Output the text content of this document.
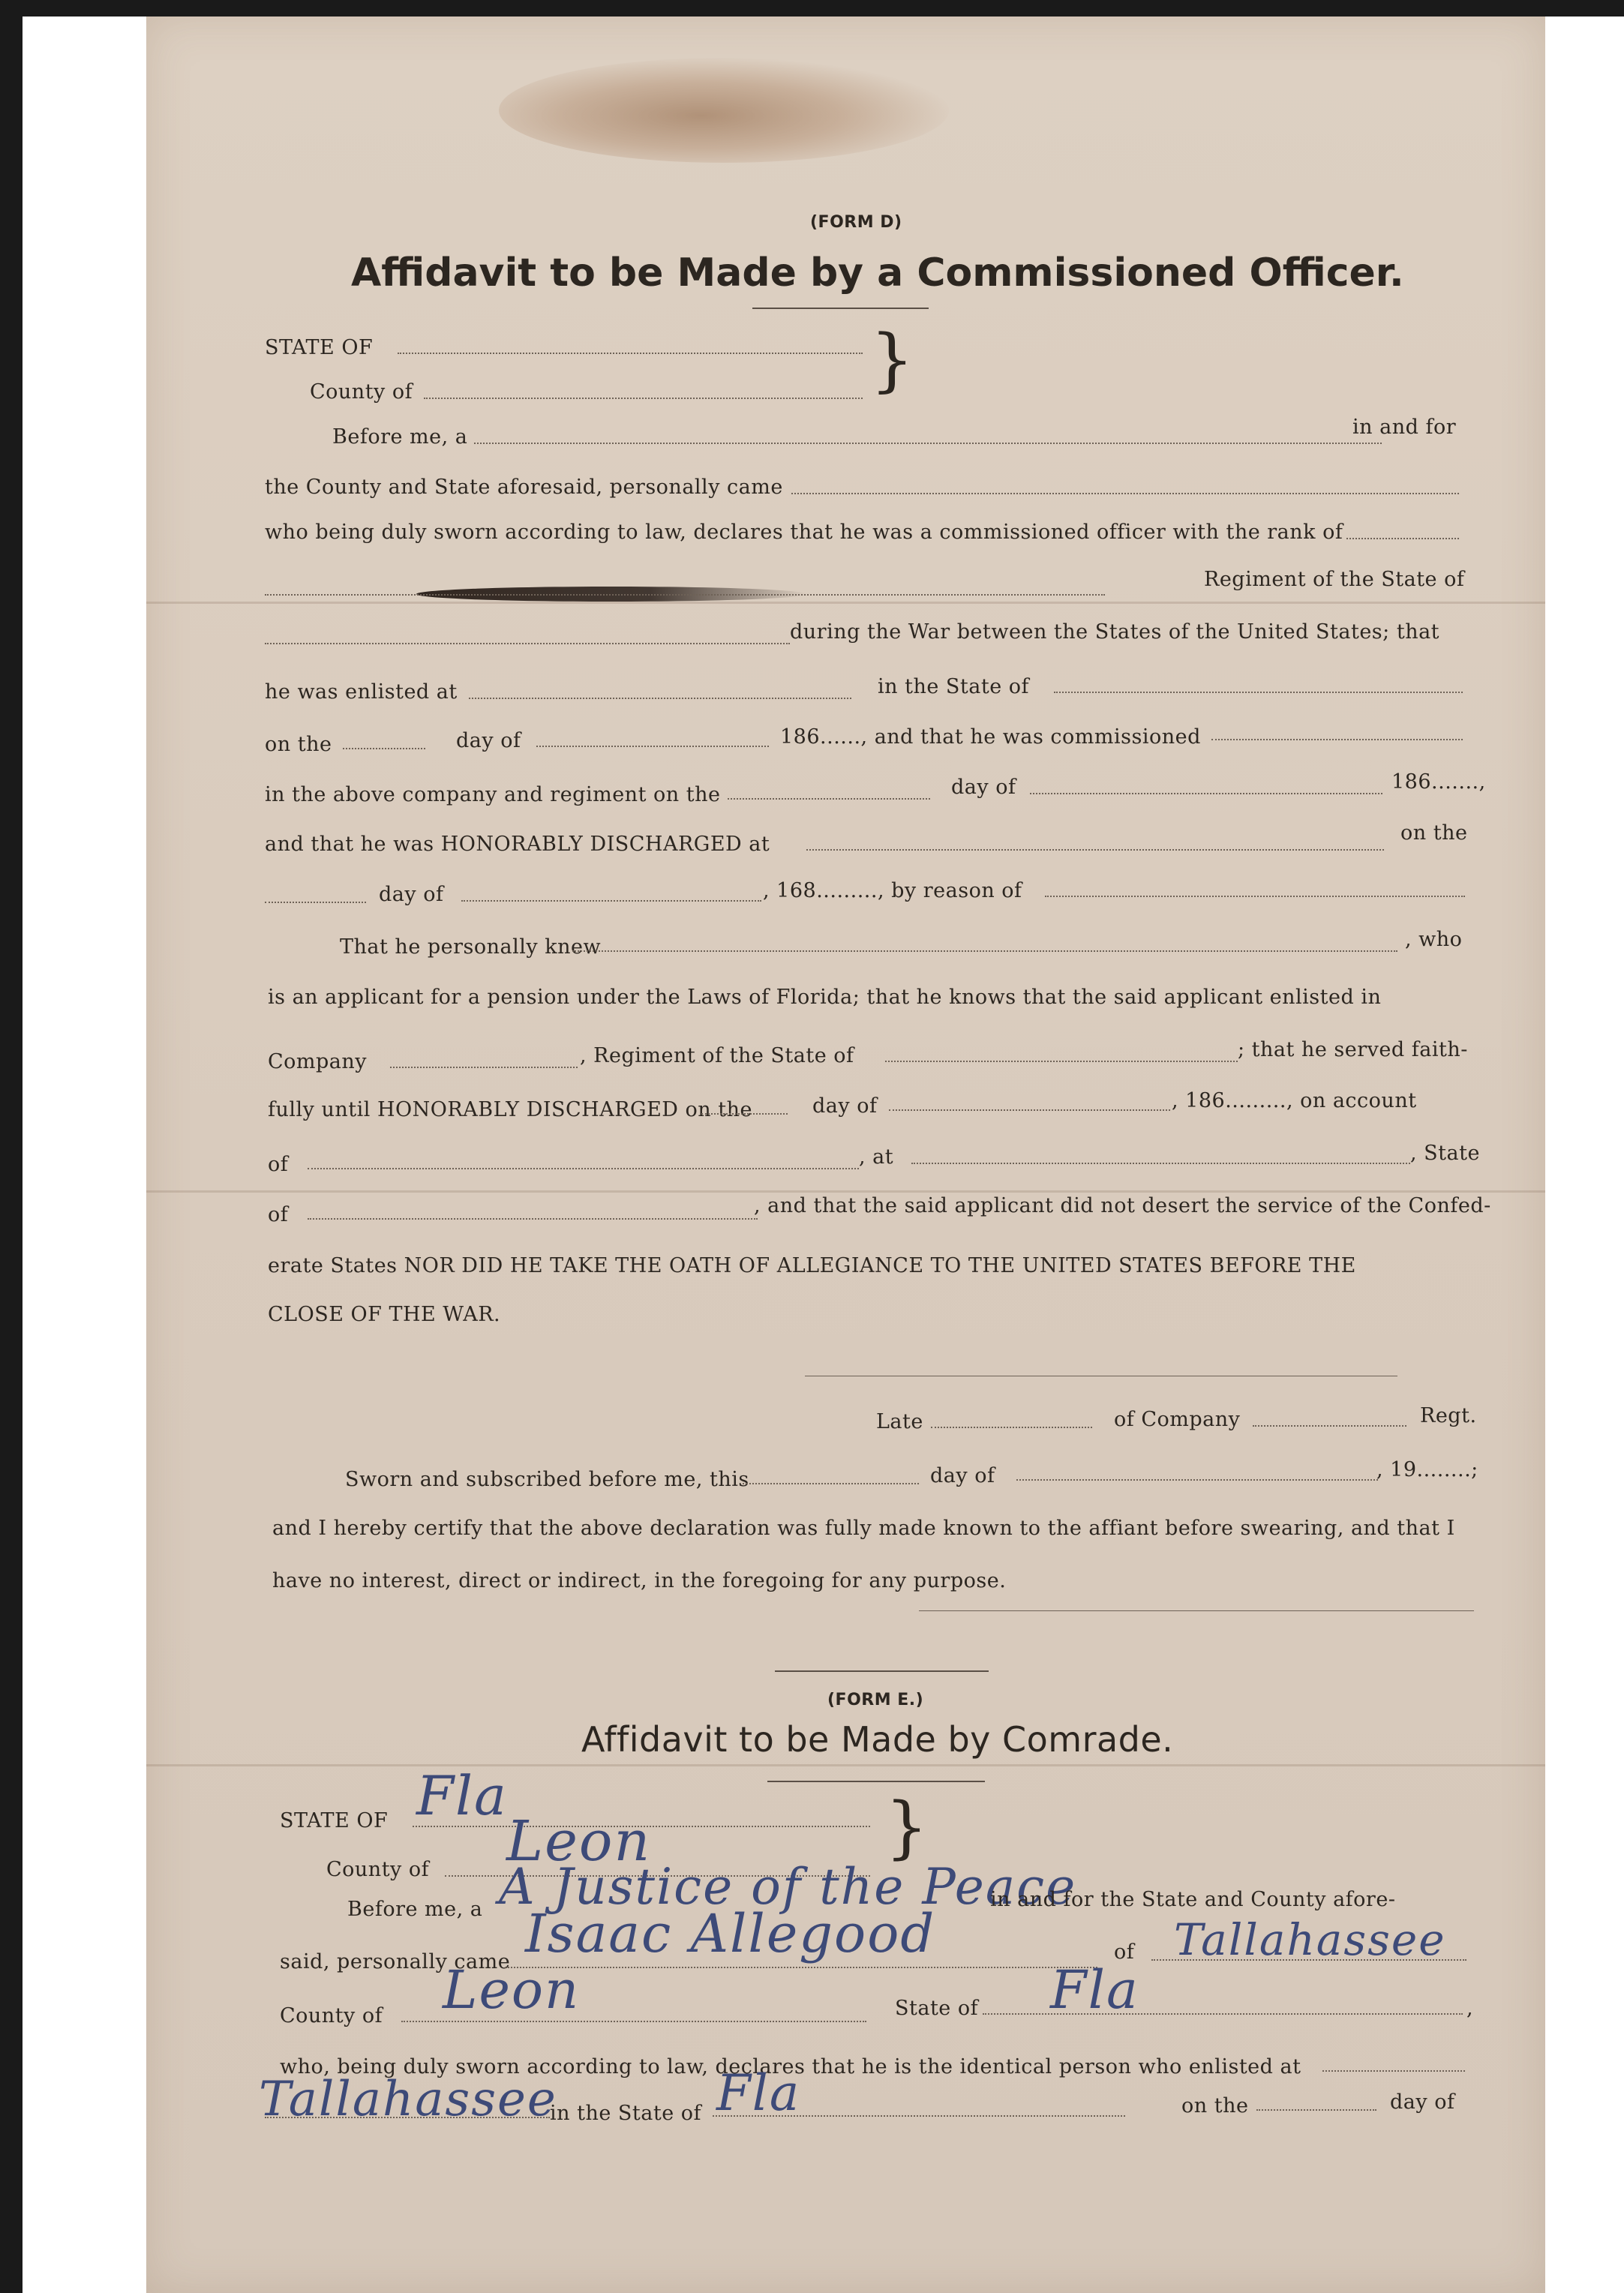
(FORM D)
Affidavit to be Made by a Commissioned Officer.
STATE OF
County of	}
Before me, a	in and for
the County and State aforesaid, personally came
who being duly sworn according to law, declares that he was a commissioned officer with the rank of
Regiment of the State of
during the War between the States of the United States; that
he was enlisted at	in the State of
on the	day of	186......, and that he was commissioned
in the above company and regiment on the	day of	186.......,
and that he was HONORABLY DISCHARGED at	on the
day of	, 168........., by reason of
That he personally knew	, who
is an applicant for a pension under the Laws of Florida; that he knows that the said applicant enlisted in
Company	, Regiment of the State of	; that he served faith-
fully until HONORABLY DISCHARGED on the	day of	, 186........., on account
of	, at	, State
of	, and that the said applicant did not desert the service of the Confed-
erate States NOR DID HE TAKE THE OATH OF ALLEGIANCE TO THE UNITED STATES BEFORE THE
CLOSE OF THE WAR.
Late	of Company	Regt.
Sworn and subscribed before me, this	day of	, 19........;
and I hereby certify that the above declaration was fully made known to the affiant before swearing, and that I
have no interest, direct or indirect, in the foregoing for any purpose.
(FORM E.)
Affidavit to be Made by Comrade.
STATE OF Fla	}
County of Leon
Before me, a A Justice of the Peace
in and for the State and County afore-
said, personally came Isaac Allegood	of Tallahassee
County of Leon	State of Fla	,
who, being duly sworn according to law, declares that he is the identical person who enlisted at
Tallahassee
in the State of Fla	on the	day of
